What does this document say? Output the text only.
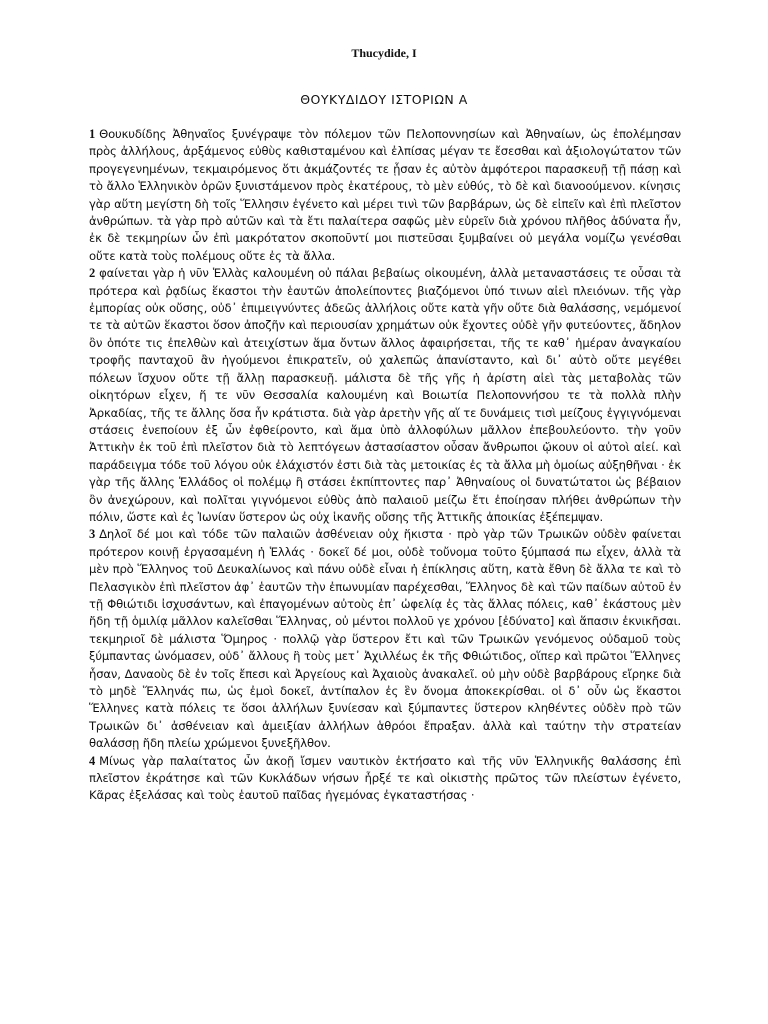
Thucydide, I
ΘΟΥΚΥΔΙΔΟΥ ΙΣΤΟΡΙΩΝ Α

1 Θουκυδίδης Ἀθηναῖος ξυνέγραψε τὸν πόλεμον τῶν Πελοποννησίων καὶ Ἀθηναίων, ὡς ἐπολέμησαν πρὸς ἀλλήλους, ἀρξάμενος εὐθὺς καθισταμένου καὶ ἐλπίσας μέγαν τε ἔσεσθαι καὶ ἀξιολογώτατον τῶν προγεγενημένων, τεκμαιρόμενος ὅτι ἀκμάζοντές τε ᾖσαν ἐς αὐτὸν ἀμφότεροι παρασκευῇ τῇ πάσῃ καὶ τὸ ἄλλο Ἑλληνικὸν ὁρῶν ξυνιστάμενον πρὸς ἑκατέρους, τὸ μὲν εὐθύς, τὸ δὲ καὶ διανοούμενον. κίνησις γὰρ αὕτη μεγίστη δὴ τοῖς Ἕλλησιν ἐγένετο καὶ μέρει τινὶ τῶν βαρβάρων, ὡς δὲ εἰπεῖν καὶ ἐπὶ πλεῖστον ἀνθρώπων. τὰ γὰρ πρὸ αὐτῶν καὶ τὰ ἔτι παλαίτερα σαφῶς μὲν εὑρεῖν διὰ χρόνου πλῆθος ἀδύνατα ἦν, ἐκ δὲ τεκμηρίων ὧν ἐπὶ μακρότατον σκοποῦντί μοι πιστεῦσαι ξυμβαίνει οὐ μεγάλα νομίζω γενέσθαι οὔτε κατὰ τοὺς πολέμους οὔτε ἐς τὰ ἄλλα.

2 φαίνεται γὰρ ἡ νῦν Ἑλλὰς καλουμένη οὐ πάλαι βεβαίως οἰκουμένη, ἀλλὰ μεταναστάσεις τε οὖσαι τὰ πρότερα καὶ ῥᾳδίως ἕκαστοι τὴν ἑαυτῶν ἀπολείποντες βιαζόμενοι ὑπό τινων αἰεὶ πλειόνων. τῆς γὰρ ἐμπορίας οὐκ οὔσης, οὐδ᾽ ἐπιμειγνύντες ἀδεῶς ἀλλήλοις οὔτε κατὰ γῆν οὔτε διὰ θαλάσσης, νεμόμενοί τε τὰ αὐτῶν ἕκαστοι ὅσον ἀποζῆν καὶ περιουσίαν χρημάτων οὐκ ἔχοντες οὐδὲ γῆν φυτεύοντες, ἄδηλον ὂν ὁπότε τις ἐπελθὼν καὶ ἀτειχίστων ἅμα ὄντων ἄλλος ἀφαιρήσεται, τῆς τε καθ᾽ ἡμέραν ἀναγκαίου τροφῆς πανταχοῦ ἂν ἡγούμενοι ἐπικρατεῖν, οὐ χαλεπῶς ἀπανίσταντο, καὶ δι᾽ αὐτὸ οὔτε μεγέθει πόλεων ἴσχυον οὔτε τῇ ἄλλῃ παρασκευῇ. μάλιστα δὲ τῆς γῆς ἡ ἀρίστη αἰεὶ τὰς μεταβολὰς τῶν οἰκητόρων εἶχεν, ἥ τε νῦν Θεσσαλία καλουμένη καὶ Βοιωτία Πελοποννήσου τε τὰ πολλὰ πλὴν Ἀρκαδίας, τῆς τε ἄλλης ὅσα ἦν κράτιστα. διὰ γὰρ ἀρετὴν γῆς αἵ τε δυνάμεις τισὶ μείζους ἐγγιγνόμεναι στάσεις ἐνεποίουν ἐξ ὧν ἐφθείροντο, καὶ ἅμα ὑπὸ ἀλλοφύλων μᾶλλον ἐπεβουλεύοντο. τὴν γοῦν Ἀττικὴν ἐκ τοῦ ἐπὶ πλεῖστον διὰ τὸ λεπτόγεων ἀστασίαστον οὖσαν ἄνθρωποι ᾤκουν οἱ αὐτοὶ αἰεί. καὶ παράδειγμα τόδε τοῦ λόγου οὐκ ἐλάχιστόν ἐστι διὰ τὰς μετοικίας ἐς τὰ ἄλλα μὴ ὁμοίως αὐξηθῆναι · ἐκ γὰρ τῆς ἄλλης Ἑλλάδος οἱ πολέμῳ ἢ στάσει ἐκπίπτοντες παρ᾽ Ἀθηναίους οἱ δυνατώτατοι ὡς βέβαιον ὂν ἀνεχώρουν, καὶ πολῖται γιγνόμενοι εὐθὺς ἀπὸ παλαιοῦ μείζω ἔτι ἐποίησαν πλήθει ἀνθρώπων τὴν πόλιν, ὥστε καὶ ἐς Ἰωνίαν ὕστερον ὡς οὐχ ἱκανῆς οὔσης τῆς Ἀττικῆς ἀποικίας ἐξέπεμψαν.

3 Δηλοῖ δέ μοι καὶ τόδε τῶν παλαιῶν ἀσθένειαν οὐχ ἥκιστα · πρὸ γὰρ τῶν Τρωικῶν οὐδὲν φαίνεται πρότερον κοινῇ ἐργασαμένη ἡ Ἑλλάς · δοκεῖ δέ μοι, οὐδὲ τοὔνομα τοῦτο ξύμπασά πω εἶχεν, ἀλλὰ τὰ μὲν πρὸ Ἕλληνος τοῦ Δευκαλίωνος καὶ πάνυ οὐδὲ εἶναι ἡ ἐπίκλησις αὕτη, κατὰ ἔθνη δὲ ἄλλα τε καὶ τὸ Πελασγικὸν ἐπὶ πλεῖστον ἀφ᾽ ἑαυτῶν τὴν ἐπωνυμίαν παρέχεσθαι, Ἕλληνος δὲ καὶ τῶν παίδων αὐτοῦ ἐν τῇ Φθιώτιδι ἰσχυσάντων, καὶ ἐπαγομένων αὐτοὺς ἐπ᾽ ὠφελίᾳ ἐς τὰς ἄλλας πόλεις, καθ᾽ ἑκάστους μὲν ἤδη τῇ ὁμιλίᾳ μᾶλλον καλεῖσθαι Ἕλληνας, οὐ μέντοι πολλοῦ γε χρόνου [ἐδύνατο] καὶ ἅπασιν ἐκνικῆσαι. τεκμηριοῖ δὲ μάλιστα Ὅμηρος · πολλῷ γὰρ ὕστερον ἔτι καὶ τῶν Τρωικῶν γενόμενος οὐδαμοῦ τοὺς ξύμπαντας ὠνόμασεν, οὐδ᾽ ἄλλους ἢ τοὺς μετ᾽ Ἀχιλλέως ἐκ τῆς Φθιώτιδος, οἵπερ καὶ πρῶτοι Ἕλληνες ἦσαν, Δαναοὺς δὲ ἐν τοῖς ἔπεσι καὶ Ἀργείους καὶ Ἀχαιοὺς ἀνακαλεῖ. οὐ μὴν οὐδὲ βαρβάρους εἴρηκε διὰ τὸ μηδὲ Ἕλληνάς πω, ὡς ἐμοὶ δοκεῖ, ἀντίπαλον ἐς ἓν ὄνομα ἀποκεκρίσθαι. οἱ δ᾽ οὖν ὡς ἕκαστοι Ἕλληνες κατὰ πόλεις τε ὅσοι ἀλλήλων ξυνίεσαν καὶ ξύμπαντες ὕστερον κληθέντες οὐδὲν πρὸ τῶν Τρωικῶν δι᾽ ἀσθένειαν καὶ ἀμειξίαν ἀλλήλων ἁθρόοι ἔπραξαν. ἀλλὰ καὶ ταύτην τὴν στρατείαν θαλάσσῃ ἤδη πλείω χρώμενοι ξυνεξῆλθον.

4 Μίνως γὰρ παλαίτατος ὧν ἀκοῇ ἴσμεν ναυτικὸν ἐκτήσατο καὶ τῆς νῦν Ἑλληνικῆς θαλάσσης ἐπὶ πλεῖστον ἐκράτησε καὶ τῶν Κυκλάδων νήσων ἦρξέ τε καὶ οἰκιστὴς πρῶτος τῶν πλείστων ἐγένετο, Κᾶρας ἐξελάσας καὶ τοὺς ἑαυτοῦ παῖδας ἡγεμόνας ἐγκαταστήσας ·
